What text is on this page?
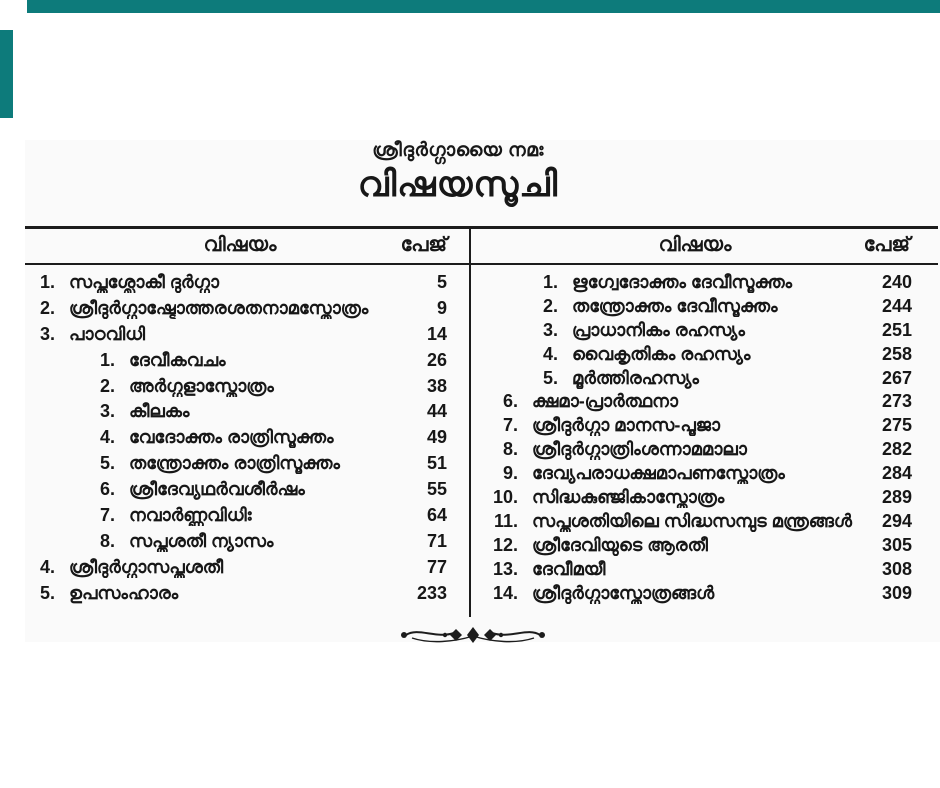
ശ്രീദുര്‍ഗ്ഗായൈ നമഃ
വിഷയസൂചി
വിഷയം	പേജ്	വിഷയം	പേജ്
1. സപ്തശ്ലോകീ ദുര്‍ഗ്ഗാ	5
2. ശ്രീദുര്‍ഗ്ഗാഷ്ടോത്തരശതനാമസ്തോത്രം	9
3. പാഠവിധി	14
1. ദേവീകവചം	26
2. അര്‍ഗ്ഗളാസ്തോത്രം	38
3. കീലകം	44
4. വേദോക്തം രാത്രിസൂക്തം	49
5. തന്ത്രോക്തം രാത്രിസൂക്തം	51
6. ശ്രീദേവ്യഥര്‍വശീര്‍ഷം	55
7. നവാര്‍ണ്ണവിധിഃ	64
8. സപ്തശതീ ന്യാസം	71
4. ശ്രീദുര്‍ഗ്ഗാസപ്തശതീ	77
5. ഉപസംഹാരം	233
1. ഋഗ്വേദോക്തം ദേവീസൂക്തം	240
2. തന്ത്രോക്തം ദേവീസൂക്തം	244
3. പ്രാധാനികം രഹസ്യം	251
4. വൈകൃതികം രഹസ്യം	258
5. മൂര്‍ത്തിരഹസ്യം	267
6. ക്ഷമാ-പ്രാര്‍ത്ഥനാ	273
7. ശ്രീദുര്‍ഗ്ഗാ മാനസ-പൂജാ	275
8. ശ്രീദുര്‍ഗ്ഗാത്രിംശന്നാമമാലാ	282
9. ദേവ്യപരാധക്ഷമാപണസ്തോത്രം	284
10. സിദ്ധകുഞ്ജികാസ്തോത്രം	289
11. സപ്തശതിയിലെ സിദ്ധസമ്പുട മന്ത്രങ്ങള്‍	294
12. ശ്രീദേവിയുടെ ആരതീ	305
13. ദേവീമയീ	308
14. ശ്രീദുര്‍ഗ്ഗാസ്തോത്രങ്ങള്‍	309
